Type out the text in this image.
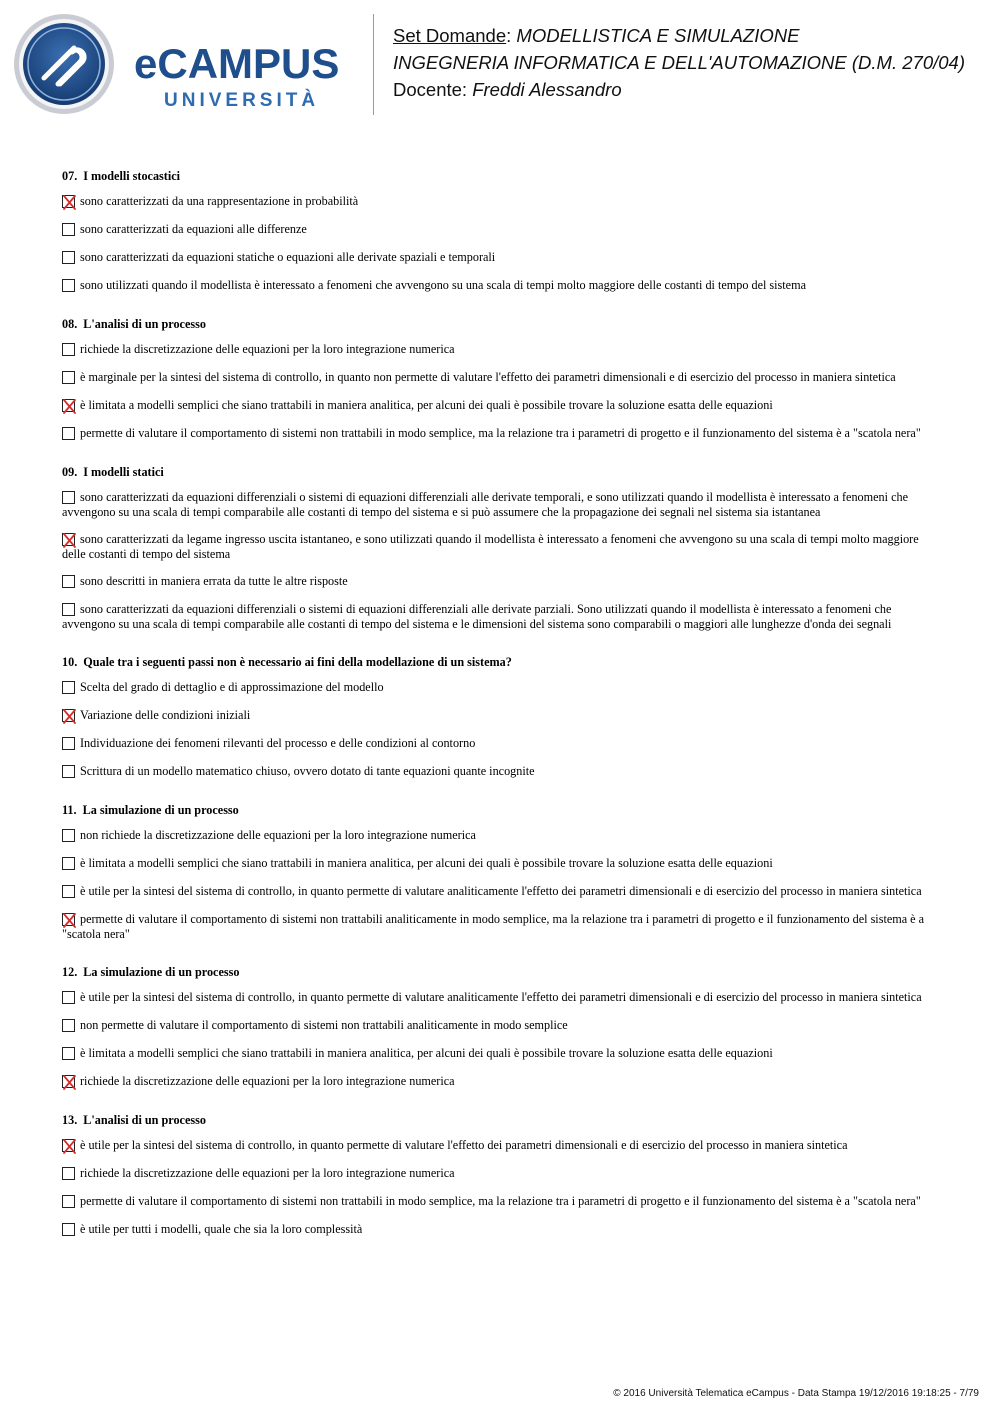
eCAMPUS
UNIVERSITÀ
Set Domande: MODELLISTICA E SIMULAZIONE
INGEGNERIA INFORMATICA E DELL'AUTOMAZIONE (D.M. 270/04)
Docente: Freddi Alessandro
07. I modelli stocastici
sono caratterizzati da una rappresentazione in probabilità
sono caratterizzati da equazioni alle differenze
sono caratterizzati da equazioni statiche o equazioni alle derivate spaziali e temporali
sono utilizzati quando il modellista è interessato a fenomeni che avvengono su una scala di tempi molto maggiore delle costanti di tempo del sistema
08. L'analisi di un processo
richiede la discretizzazione delle equazioni per la loro integrazione numerica
è marginale per la sintesi del sistema di controllo, in quanto non permette di valutare l'effetto dei parametri dimensionali e di esercizio del processo in maniera sintetica
è limitata a modelli semplici che siano trattabili in maniera analitica, per alcuni dei quali è possibile trovare la soluzione esatta delle equazioni
permette di valutare il comportamento di sistemi non trattabili in modo semplice, ma la relazione tra i parametri di progetto e il funzionamento del sistema è a "scatola nera"
09. I modelli statici
sono caratterizzati da equazioni differenziali o sistemi di equazioni differenziali alle derivate temporali, e sono utilizzati quando il modellista è interessato a fenomeni che avvengono su una scala di tempi comparabile alle costanti di tempo del sistema e si può assumere che la propagazione dei segnali nel sistema sia istantanea
sono caratterizzati da legame ingresso uscita istantaneo, e sono utilizzati quando il modellista è interessato a fenomeni che avvengono su una scala di tempi molto maggiore delle costanti di tempo del sistema
sono descritti in maniera errata da tutte le altre risposte
sono caratterizzati da equazioni differenziali o sistemi di equazioni differenziali alle derivate parziali. Sono utilizzati quando il modellista è interessato a fenomeni che avvengono su una scala di tempi comparabile alle costanti di tempo del sistema e le dimensioni del sistema sono comparabili o maggiori alle lunghezze d'onda dei segnali
10. Quale tra i seguenti passi non è necessario ai fini della modellazione di un sistema?
Scelta del grado di dettaglio e di approssimazione del modello
Variazione delle condizioni iniziali
Individuazione dei fenomeni rilevanti del processo e delle condizioni al contorno
Scrittura di un modello matematico chiuso, ovvero dotato di tante equazioni quante incognite
11. La simulazione di un processo
non richiede la discretizzazione delle equazioni per la loro integrazione numerica
è limitata a modelli semplici che siano trattabili in maniera analitica, per alcuni dei quali è possibile trovare la soluzione esatta delle equazioni
è utile per la sintesi del sistema di controllo, in quanto permette di valutare analiticamente l'effetto dei parametri dimensionali e di esercizio del processo in maniera sintetica
permette di valutare il comportamento di sistemi non trattabili analiticamente in modo semplice, ma la relazione tra i parametri di progetto e il funzionamento del sistema è a "scatola nera"
12. La simulazione di un processo
è utile per la sintesi del sistema di controllo, in quanto permette di valutare analiticamente l'effetto dei parametri dimensionali e di esercizio del processo in maniera sintetica
non permette di valutare il comportamento di sistemi non trattabili analiticamente in modo semplice
è limitata a modelli semplici che siano trattabili in maniera analitica, per alcuni dei quali è possibile trovare la soluzione esatta delle equazioni
richiede la discretizzazione delle equazioni per la loro integrazione numerica
13. L'analisi di un processo
è utile per la sintesi del sistema di controllo, in quanto permette di valutare l'effetto dei parametri dimensionali e di esercizio del processo in maniera sintetica
richiede la discretizzazione delle equazioni per la loro integrazione numerica
permette di valutare il comportamento di sistemi non trattabili in modo semplice, ma la relazione tra i parametri di progetto e il funzionamento del sistema è a "scatola nera"
è utile per tutti i modelli, quale che sia la loro complessità
© 2016 Università Telematica eCampus - Data Stampa 19/12/2016 19:18:25 - 7/79
